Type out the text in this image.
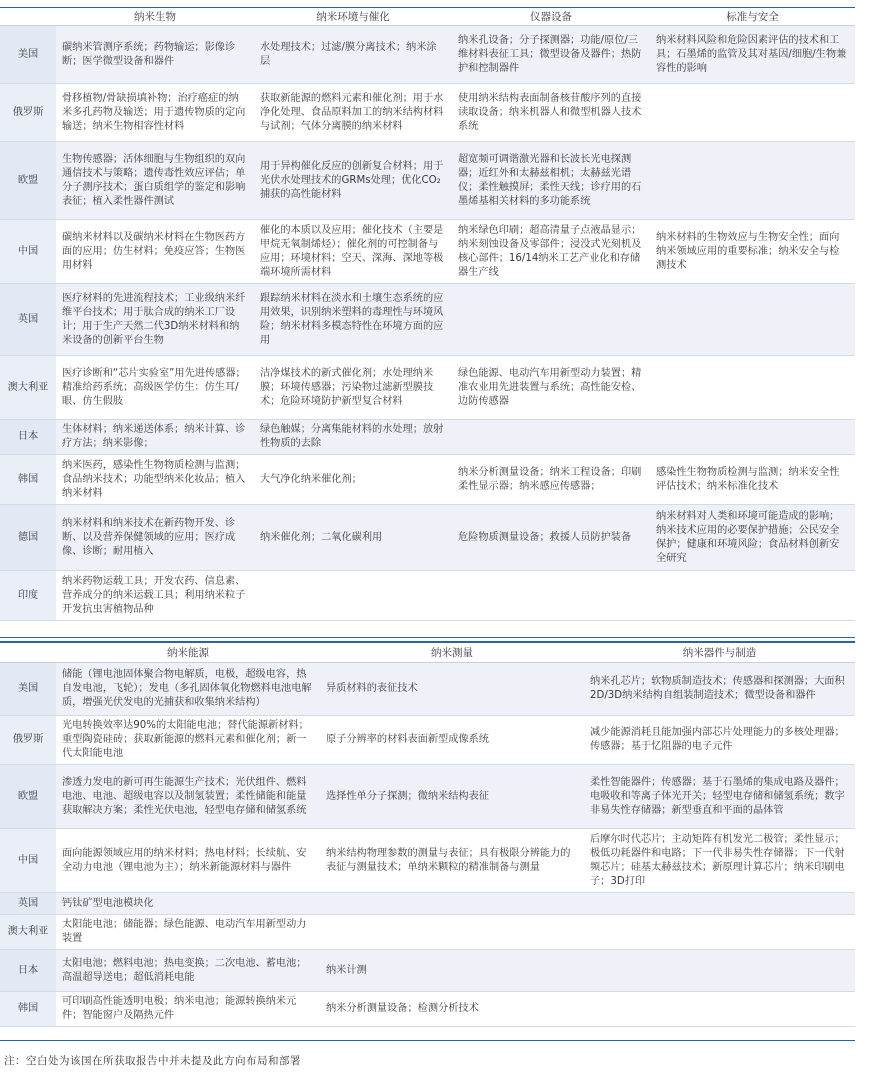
	纳米生物	纳米环境与催化	仪器设备	标准与安全
美国	碳纳米管测序系统；药物输运；影像诊断；医学微型设备和器件	水处理技术；过滤/膜分离技术；纳米涂层	纳米孔设备；分子探测器；功能/原位/三维材料表征工具；微型设备及器件；热防护和控制器件	纳米材料风险和危险因素评估的技术和工具；石墨烯的监管及其对基因/细胞/生物兼容性的影响
俄罗斯	骨移植物/骨缺损填补物；治疗癌症的纳米多孔药物及输送；用于遗传物质的定向输送；纳米生物相容性材料	获取新能源的燃料元素和催化剂；用于水净化处理、食品原料加工的纳米结构材料与试剂；气体分离膜的纳米材料	使用纳米结构表面制备核苷酸序列的直接读取设备；纳米机器人和微型机器人技术系统	
欧盟	生物传感器；活体细胞与生物组织的双向通信技术与策略；遗传毒性效应评估；单分子测序技术；蛋白质组学的鉴定和影响表征；植入柔性器件测试	用于异构催化反应的创新复合材料；用于光伏水处理技术的GRMs处理；优化CO₂捕获的高性能材料	超宽频可调谐激光器和长波长光电探测器；近红外和太赫兹相机；太赫兹光谱仪；柔性触摸屏；柔性天线；诊疗用的石墨烯基相关材料的多功能系统	
中国	碳纳米材料以及碳纳米材料在生物医药方面的应用；仿生材料；免疫应答；生物医用材料	催化的本质以及应用；催化技术（主要是甲烷无氧制烯烃）；催化剂的可控制备与应用；环境材料；空天、深海、深地等极端环境所需材料	纳米绿色印刷；超高清量子点液晶显示；纳米刻蚀设备及零部件；浸没式光刻机及核心部件；16/14纳米工艺产业化和存储器生产线	纳米材料的生物效应与生物安全性；面向纳米领域应用的重要标准；纳米安全与检测技术
英国	医疗材料的先进流程技术；工业级纳米纤维平台技术；用于肽合成的纳米工厂设计；用于生产天然二代3D纳米材料和纳米设备的创新平台生物	跟踪纳米材料在淡水和土壤生态系统的应用效果，识别纳米塑料的毒理性与环境风险；纳米材料多模态特性在环境方面的应用		
澳大利亚	医疗诊断和“芯片实验室”用先进传感器；精准给药系统；高级医学仿生：仿生耳/眼、仿生假肢	洁净煤技术的新式催化剂；水处理纳米膜；环境传感器；污染物过滤新型膜技术；危险环境防护新型复合材料	绿色能源、电动汽车用新型动力装置；精准农业用先进装置与系统；高性能安检、边防传感器	
日本	生体材料；纳米递送体系；纳米计算、诊疗方法；纳米影像；	绿色触媒；分离集能材料的水处理；放射性物质的去除		
韩国	纳米医药，感染性生物物质检测与监测；食品纳米技术；功能型纳米化妆品；植入纳米材料	大气净化纳米催化剂；	纳米分析测量设备；纳米工程设备；印刷柔性显示器；纳米感应传感器；	感染性生物物质检测与监测；纳米安全性评估技术；纳米标准化技术
德国	纳米材料和纳米技术在新药物开发、诊断、以及营养保健领域的应用；医疗成像、诊断；耐用植入	纳米催化剂；二氧化碳利用	危险物质测量设备；救援人员防护装备	纳米材料对人类和环境可能造成的影响；纳米技术应用的必要保护措施；公民安全保护；健康和环境风险；食品材料创新安全研究
印度	纳米药物运载工具；开发农药、信息素、营养成分的纳米运载工具；利用纳米粒子开发抗虫害植物品种			
	纳米能源	纳米测量	纳米器件与制造
美国	储能（锂电池固体聚合物电解质，电极，超级电容，热自发电池，飞轮）；发电（多孔固体氧化物燃料电池电解质，增强光伏发电的光捕获和收集纳米结构）	异质材料的表征技术	纳米孔芯片；软物质制造技术；传感器和探测器；大面积2D/3D纳米结构自组装制造技术；微型设备和器件
俄罗斯	光电转换效率达90%的太阳能电池；替代能源新材料；重型陶瓷硅砖；获取新能源的燃料元素和催化剂；新一代太阳能电池	原子分辨率的材料表面新型成像系统	减少能源消耗且能加强内部芯片处理能力的多核处理器；传感器；基于忆阻器的电子元件
欧盟	渗透力发电的新可再生能源生产技术；光伏组件、燃料电池、电池、超级电容以及制氢装置；柔性储能和能量获取解决方案；柔性光伏电池，轻型电存储和储氢系统	选择性单分子探测；微纳米结构表征	柔性智能器件；传感器；基于石墨烯的集成电路及器件；电吸收和等离子体光开关；轻型电存储和储氢系统；数字非易失性存储器；新型垂直和平面的晶体管
中国	面向能源领域应用的纳米材料；热电材料；长续航、安全动力电池（锂电池为主）；纳米新能源材料与器件	纳米结构物理参数的测量与表征；具有极限分辨能力的表征与测量技术；单纳米颗粒的精准制备与测量	后摩尔时代芯片；主动矩阵有机发光二极管；柔性显示；极低功耗器件和电路；下一代非易失性存储器；下一代射频芯片；硅基太赫兹技术；新原理计算芯片；纳米印刷电子；3D打印
英国	钙钛矿型电池模块化		
澳大利亚	太阳能电池；储能器；绿色能源、电动汽车用新型动力装置		
日本	太阳电池；燃料电池；热电变换；二次电池、蓄电池；高温超导送电；超低消耗电能	纳米计测	
韩国	可印刷高性能透明电极；纳米电池；能源转换纳米元件；智能窗户及隔热元件	纳米分析测量设备；检测分析技术	
注：空白处为该国在所获取报告中并未提及此方向布局和部署
